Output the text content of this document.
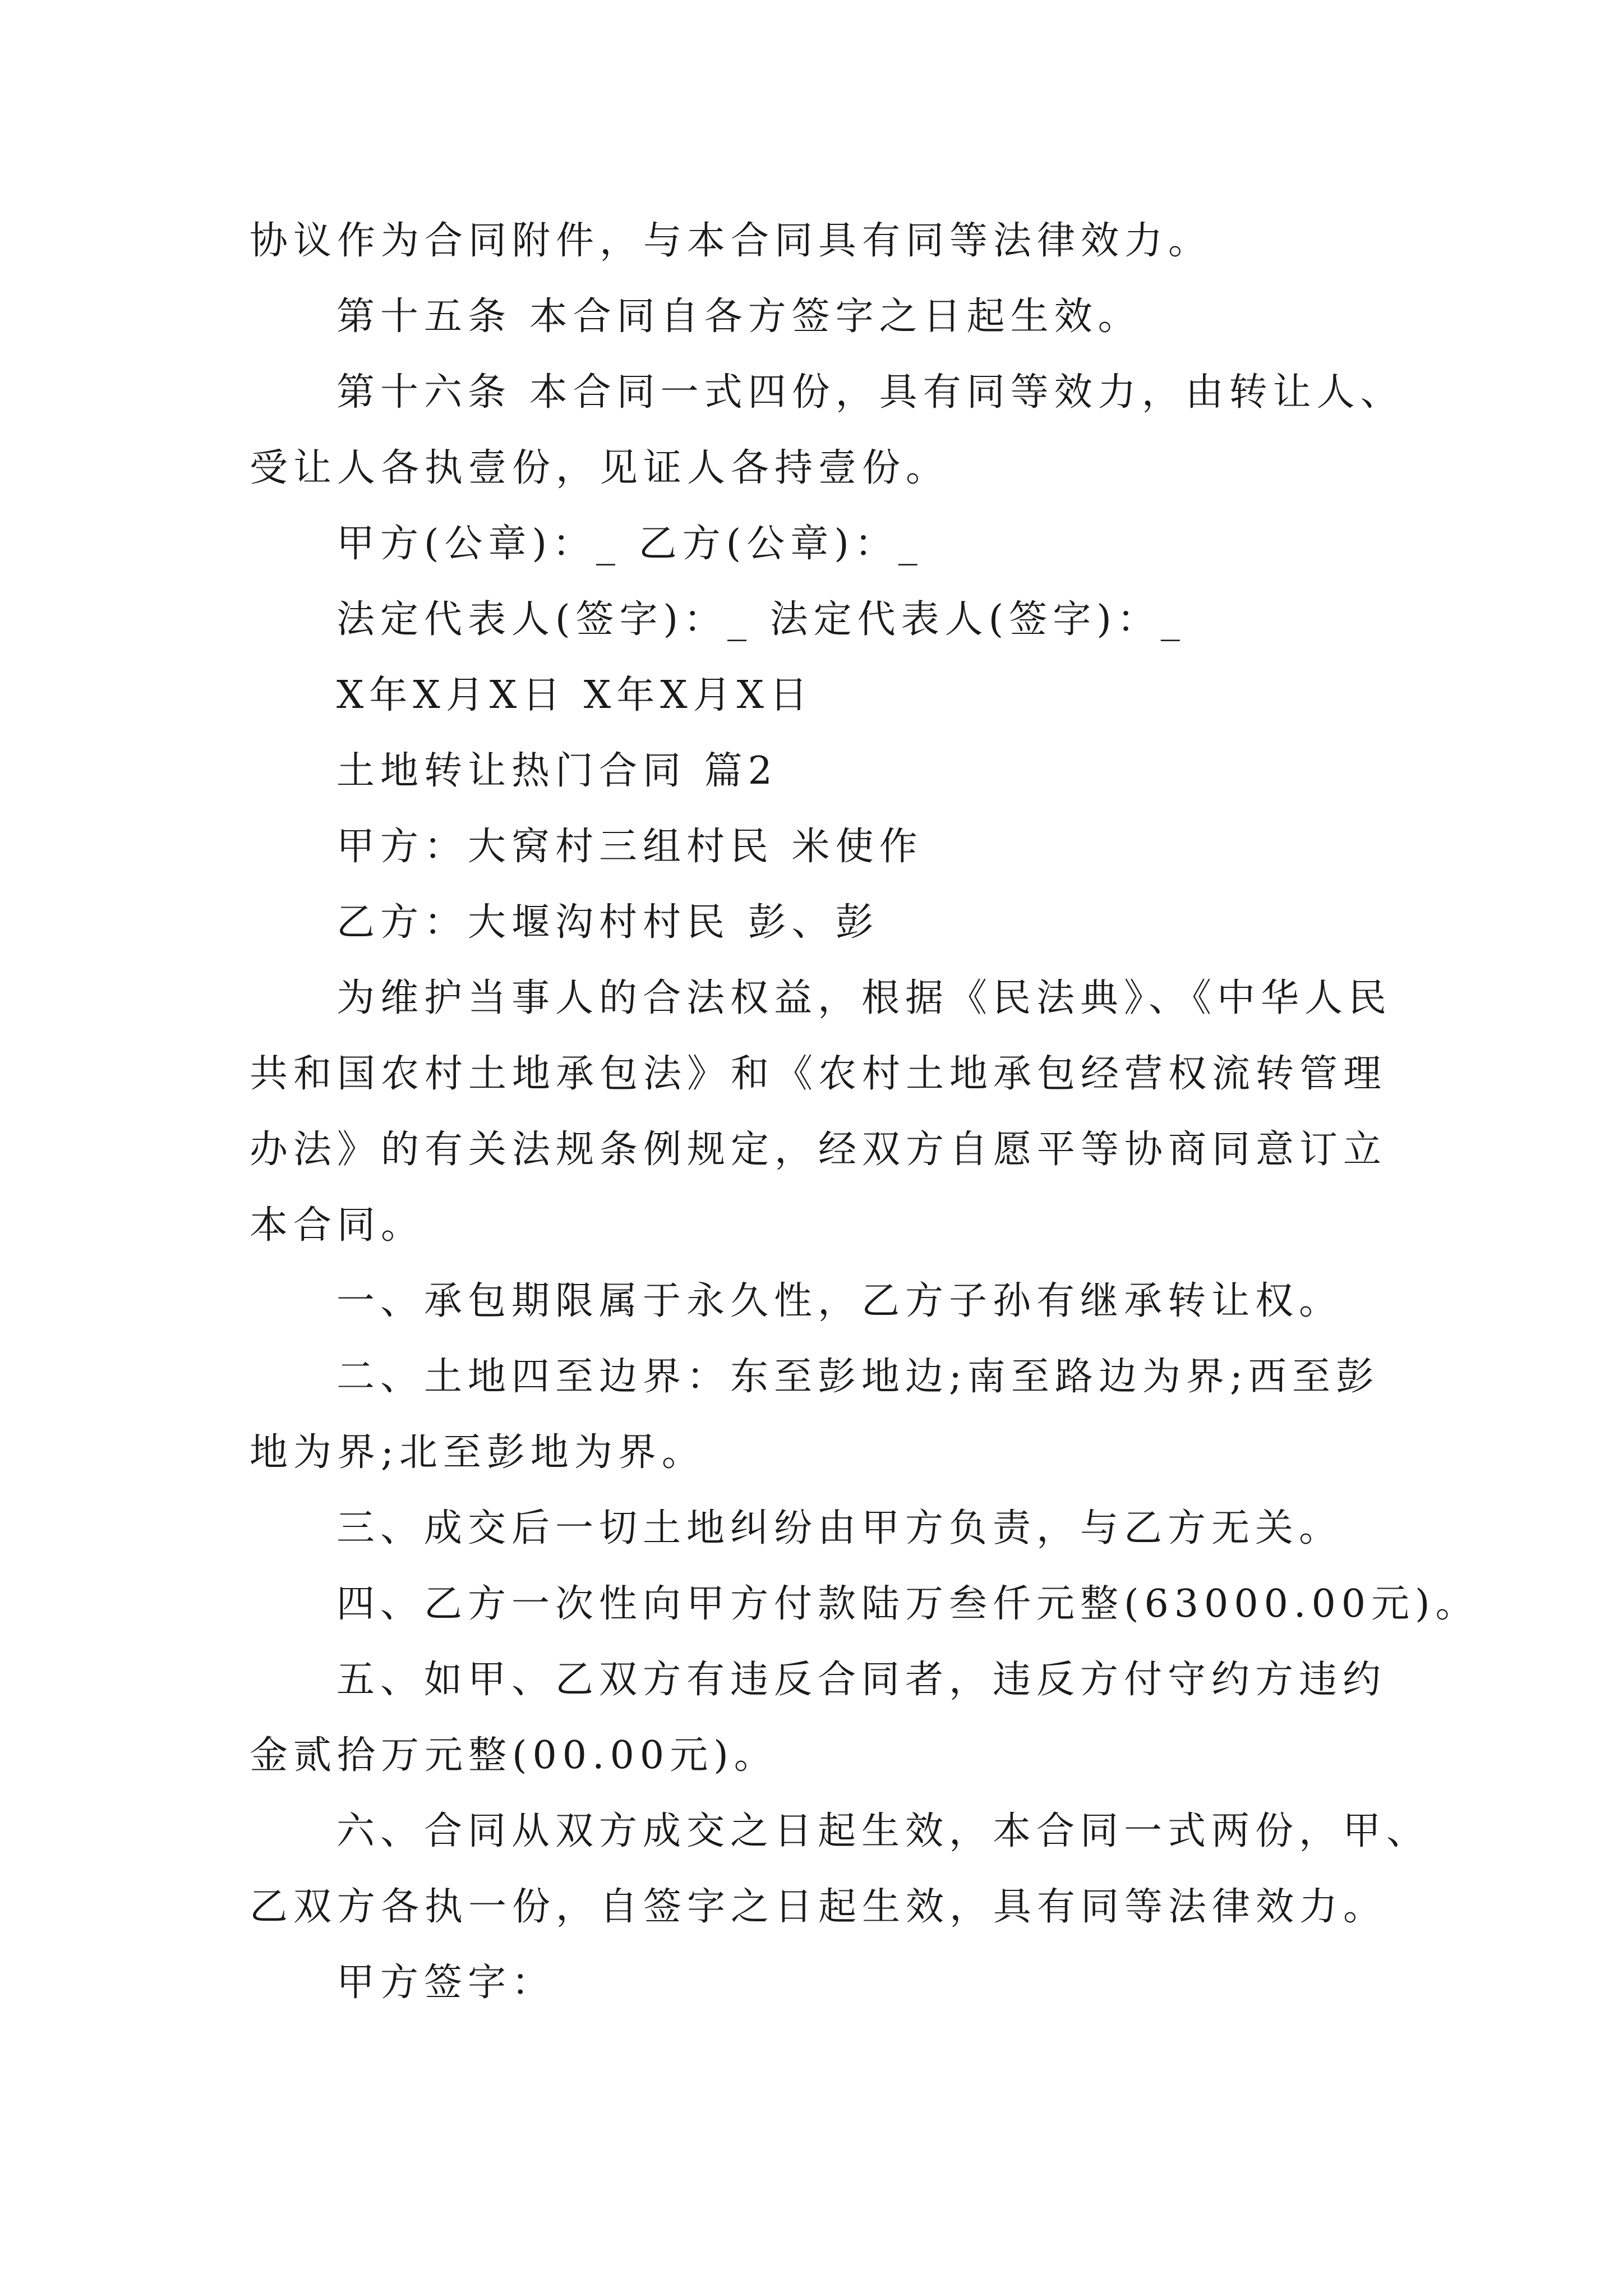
协议作为合同附件，与本合同具有同等法律效力。
第十五条 本合同自各方签字之日起生效。
第十六条 本合同一式四份，具有同等效力，由转让人、
受让人各执壹份，见证人各持壹份。
甲方(公章)：_ 乙方(公章)：_
法定代表人(签字)：_ 法定代表人(签字)：_
X年X月X日 X年X月X日
土地转让热门合同 篇2
甲方：大窝村三组村民 米使作
乙方：大堰沟村村民 彭、彭
为维护当事人的合法权益，根据《民法典》、《中华人民
共和国农村土地承包法》和《农村土地承包经营权流转管理
办法》的有关法规条例规定，经双方自愿平等协商同意订立
本合同。
一、承包期限属于永久性，乙方子孙有继承转让权。
二、土地四至边界：东至彭地边;南至路边为界;西至彭
地为界;北至彭地为界。
三、成交后一切土地纠纷由甲方负责，与乙方无关。
四、乙方一次性向甲方付款陆万叁仟元整(63000.00元)。
五、如甲、乙双方有违反合同者，违反方付守约方违约
金贰拾万元整(00.00元)。
六、合同从双方成交之日起生效，本合同一式两份，甲、
乙双方各执一份，自签字之日起生效，具有同等法律效力。
甲方签字：
